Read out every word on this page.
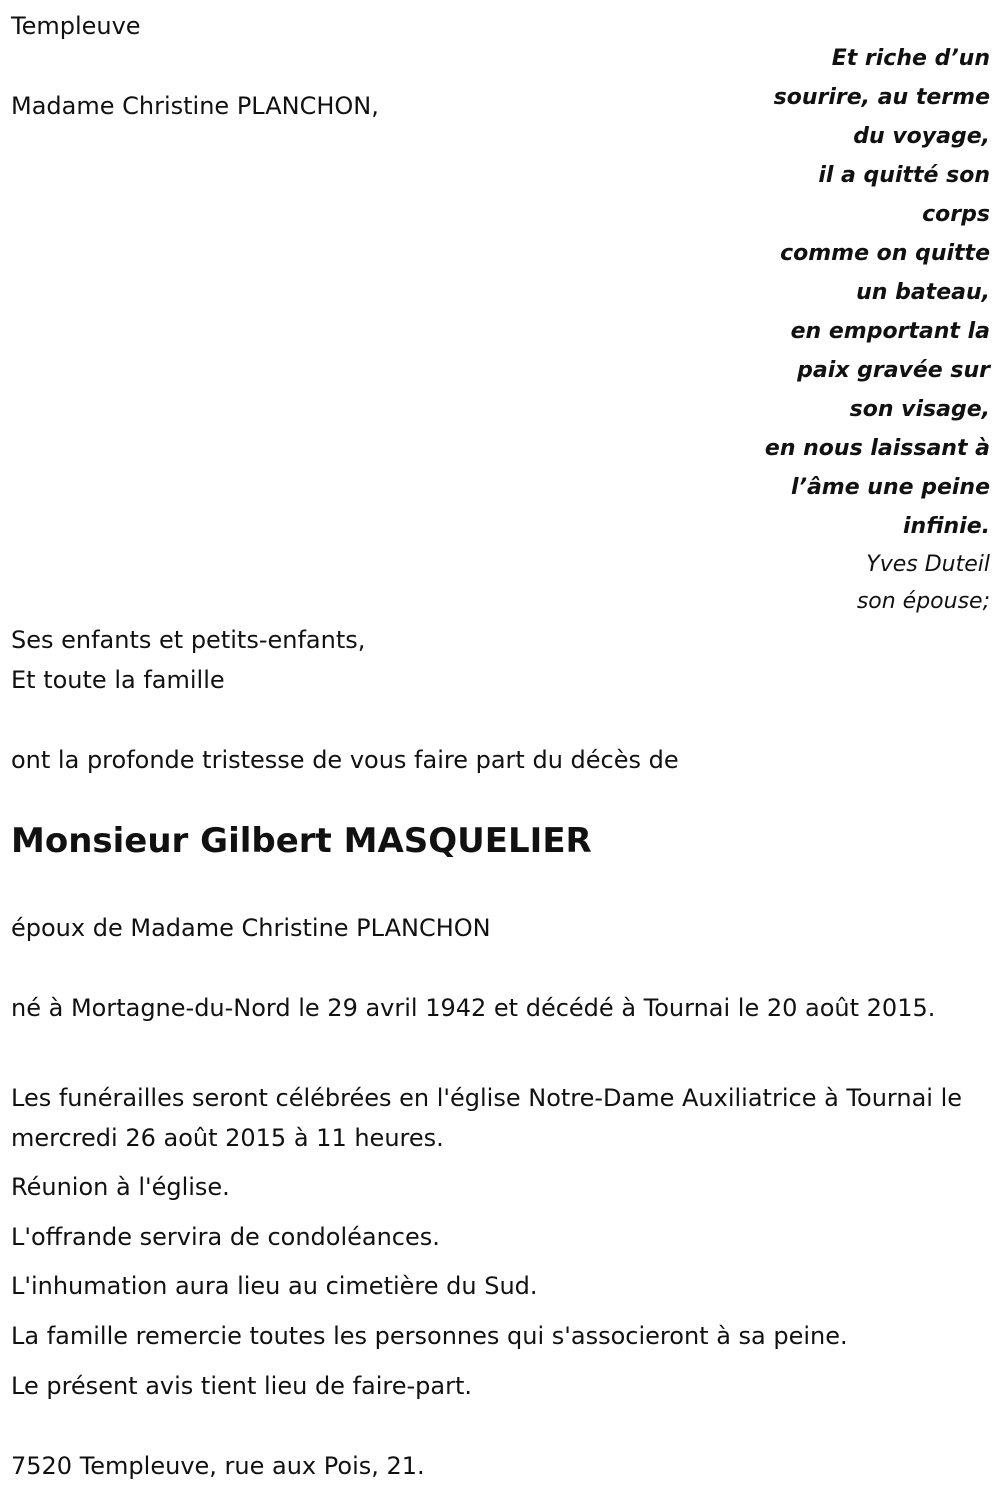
Templeuve
Madame Christine PLANCHON,
Et riche d’un
sourire, au terme
du voyage,
il a quitté son
corps
comme on quitte
un bateau,
en emportant la
paix gravée sur
son visage,
en nous laissant à
l’âme une peine
infinie.
Yves Duteil
son épouse;
Ses enfants et petits-enfants,
Et toute la famille
ont la profonde tristesse de vous faire part du décès de
Monsieur Gilbert MASQUELIER
époux de Madame Christine PLANCHON
né à Mortagne-du-Nord le 29 avril 1942 et décédé à Tournai le 20 août 2015.
Les funérailles seront célébrées en l'église Notre-Dame Auxiliatrice à Tournai le mercredi 26 août 2015 à 11 heures.
Réunion à l'église.
L'offrande servira de condoléances.
L'inhumation aura lieu au cimetière du Sud.
La famille remercie toutes les personnes qui s'associeront à sa peine.
Le présent avis tient lieu de faire-part.
7520 Templeuve, rue aux Pois, 21.
